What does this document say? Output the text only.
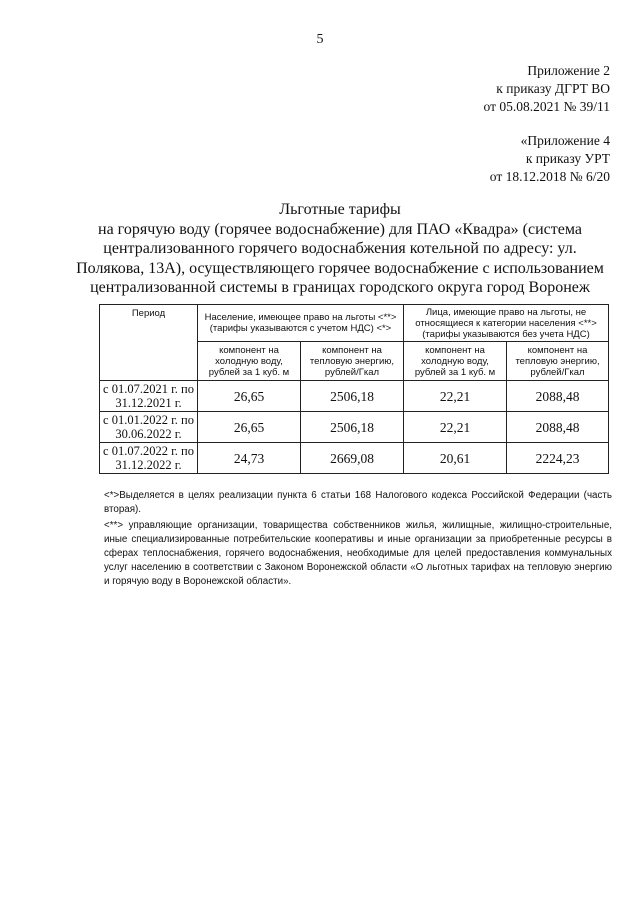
5
Приложение 2
к приказу ДГРТ ВО
от 05.08.2021 № 39/11
«Приложение 4
к приказу УРТ
от 18.12.2018 № 6/20
Льготные тарифы
на горячую воду (горячее водоснабжение) для ПАО «Квадра» (система
централизованного горячего водоснабжения котельной по адресу: ул.
Полякова, 13А), осуществляющего горячее водоснабжение с использованием
централизованной системы в границах городского округа город Воронеж
Период	Население, имеющее право на льготы <**> (тарифы указываются с учетом НДС) <*>		Лица, имеющие право на льготы, не относящиеся к категории населения <**> (тарифы указываются без учета НДС)	
	компонент на холодную воду, рублей за 1 куб. м	компонент на тепловую энергию, рублей/Гкал	компонент на холодную воду, рублей за 1 куб. м	компонент на тепловую энергию, рублей/Гкал
с 01.07.2021 г. по 31.12.2021 г.	26,65	2506,18	22,21	2088,48
с 01.01.2022 г. по 30.06.2022 г.	26,65	2506,18	22,21	2088,48
с 01.07.2022 г. по 31.12.2022 г.	24,73	2669,08	20,61	2224,23

<*>Выделяется в целях реализации пункта 6 статьи 168 Налогового кодекса Российской Федерации (часть вторая).

<**> управляющие организации, товарищества собственников жилья, жилищные, жилищно-строительные, иные специализированные потребительские кооперативы и иные организации за приобретенные ресурсы в сферах теплоснабжения, горячего водоснабжения, необходимые для целей предоставления коммунальных услуг населению в соответствии с Законом Воронежской области «О льготных тарифах на тепловую энергию и горячую воду в Воронежской области».
